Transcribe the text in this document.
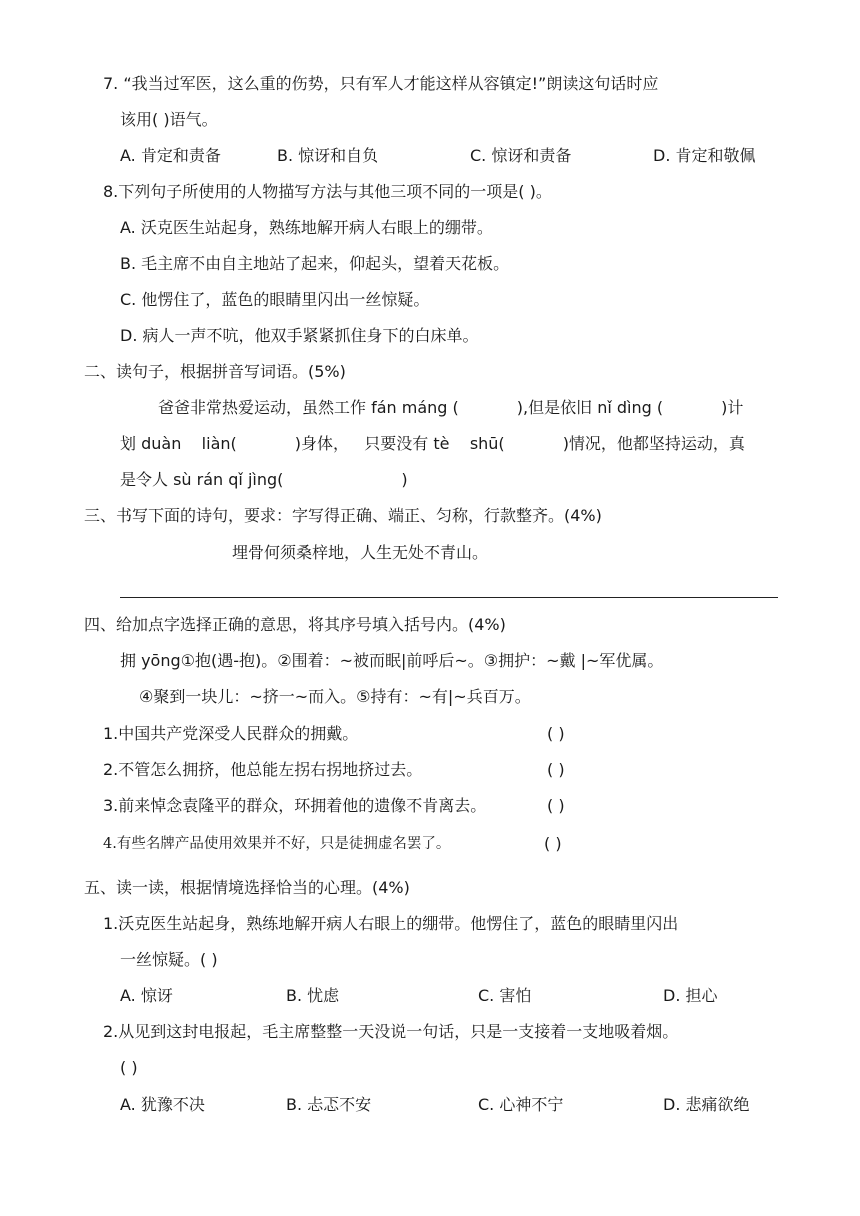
7. “我当过军医，这么重的伤势，只有军人才能这样从容镇定!”朗读这句话时应
该用( )语气。
A. 肯定和责备	B. 惊讶和自负	C. 惊讶和责备	D. 肯定和敬佩
8.下列句子所使用的人物描写方法与其他三项不同的一项是( )。
A. 沃克医生站起身，熟练地解开病人右眼上的绷带。
B. 毛主席不由自主地站了起来，仰起头，望着天花板。
C. 他愣住了，蓝色的眼睛里闪出一丝惊疑。
D. 病人一声不吭，他双手紧紧抓住身下的白床单。
二、读句子，根据拼音写词语。(5%)
爸爸非常热爱运动，虽然工作 fán máng (	),但是依旧 nǐ dìng (	)计
划 duàn    liàn(	)身体，   只要没有 tè    shū(	)情况，他都坚持运动，真
是令人 sù rán qǐ jìng(	)
三、书写下面的诗句，要求：字写得正确、端正、匀称，行款整齐。(4%)
埋骨何须桑梓地，人生无处不青山。
四、给加点字选择正确的意思，将其序号填入括号内。(4%)
拥 yōng①抱(遇-抱)。②围着：~被而眠|前呼后~。③拥护：~戴 |~军优属。
④聚到一块儿：~挤一~而入。⑤持有：~有|~兵百万。
1.中国共产党深受人民群众的拥戴。	( )
2.不管怎么拥挤，他总能左拐右拐地挤过去。	( )
3.前来悼念袁隆平的群众，环拥着他的遗像不肯离去。	( )
4.有些名牌产品使用效果并不好，只是徒拥虚名罢了。	( )
五、读一读，根据情境选择恰当的心理。(4%)
1.沃克医生站起身，熟练地解开病人右眼上的绷带。他愣住了，蓝色的眼睛里闪出
一丝惊疑。( )
A. 惊讶	B. 忧虑	C. 害怕	D. 担心
2.从见到这封电报起，毛主席整整一天没说一句话，只是一支接着一支地吸着烟。
( )
A. 犹豫不决	B. 忐忑不安	C. 心神不宁	D. 悲痛欲绝
